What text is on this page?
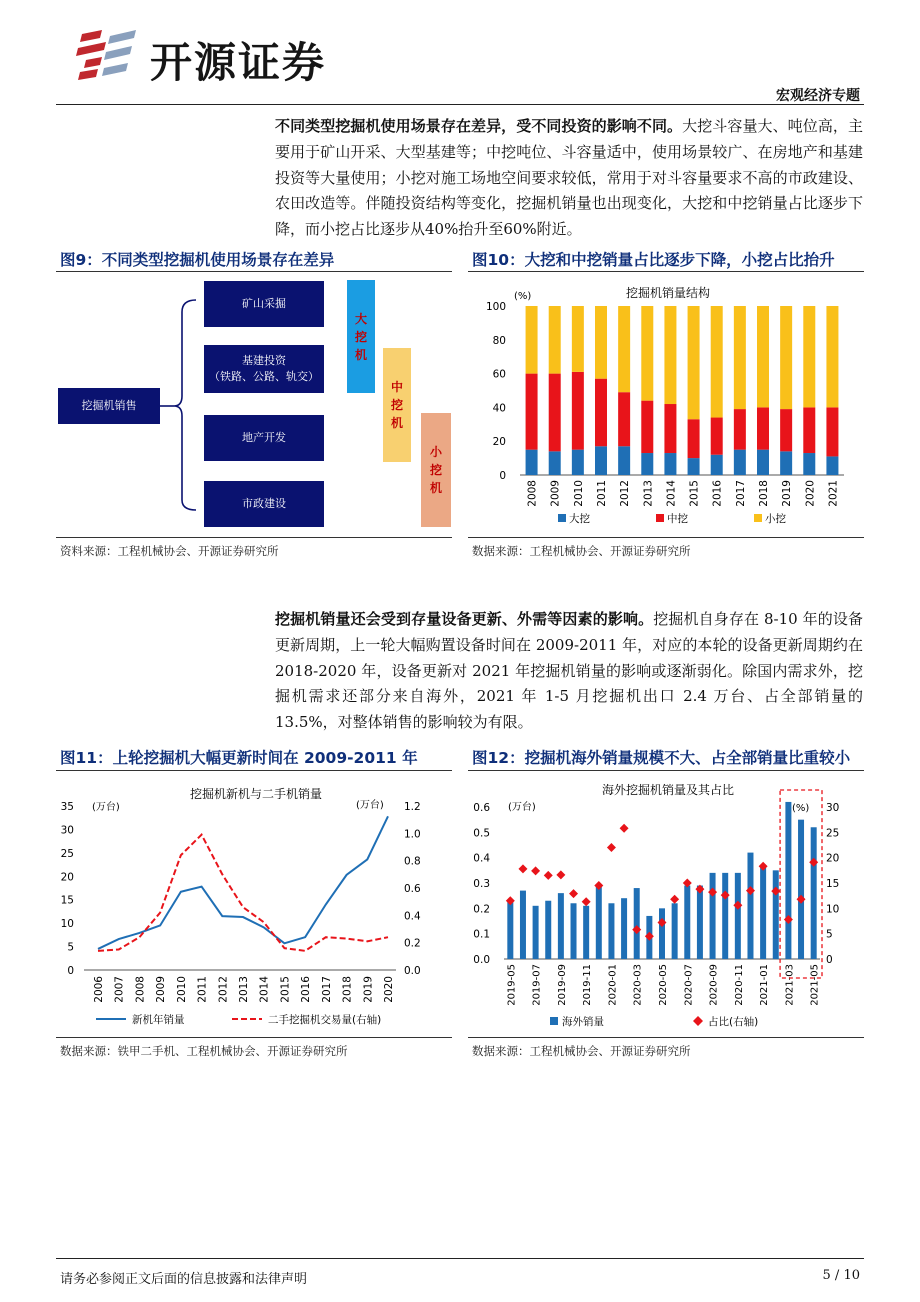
开源证券
宏观经济专题
不同类型挖掘机使用场景存在差异，受不同投资的影响不同。大挖斗容量大、吨位高，主要用于矿山开采、大型基建等；中挖吨位、斗容量适中，使用场景较广、在房地产和基建投资等大量使用；小挖对施工场地空间要求较低，常用于对斗容量要求不高的市政建设、农田改造等。伴随投资结构等变化，挖掘机销量也出现变化，大挖和中挖销量占比逐步下降，而小挖占比逐步从40%抬升至60%附近。
图9：不同类型挖掘机使用场景存在差异
挖掘机销售
矿山采掘
基建投资
（铁路、公路、轨交）
地产开发
市政建设
大挖机
中挖机
小挖机
资料来源：工程机械协会、开源证券研究所
图10：大挖和中挖销量占比逐步下降，小挖占比抬升
挖掘机销量结构
(%)
0
20
40
60
80
100
2008 2009 2010 2011 2012 2013 2014 2015 2016 2017 2018 2019 2020 2021
大挖	中挖	小挖
数据来源：工程机械协会、开源证券研究所
挖掘机销量还会受到存量设备更新、外需等因素的影响。挖掘机自身存在 8-10 年的设备更新周期，上一轮大幅购置设备时间在 2009-2011 年，对应的本轮的设备更新周期约在 2018-2020 年，设备更新对 2021 年挖掘机销量的影响或逐渐弱化。除国内需求外，挖掘机需求还部分来自海外，2021 年 1-5 月挖掘机出口 2.4 万台、占全部销量的 13.5%，对整体销售的影响较为有限。
图11：上轮挖掘机大幅更新时间在 2009-2011 年
挖掘机新机与二手机销量
(万台)	(万台)
0
5
10
15
20
25
30
35
0.0
0.2
0.4
0.6
0.8
1.0
1.2
2006 2007 2008 2009 2010 2011 2012 2013 2014 2015 2016 2017 2018 2019 2020
新机年销量	二手挖掘机交易量(右轴)
数据来源：铁甲二手机、工程机械协会、开源证券研究所
图12：挖掘机海外销量规模不大、占全部销量比重较小
海外挖掘机销量及其占比
(万台)	(%)
0.0
0.1
0.2
0.3
0.4
0.5
0.6
0
5
10
15
20
25
30
2019-05 2019-07 2019-09 2019-11 2020-01 2020-03 2020-05 2020-07 2020-09 2020-11 2021-01 2021-03 2021-05
海外销量	占比(右轴)
数据来源：工程机械协会、开源证券研究所
请务必参阅正文后面的信息披露和法律声明	5 / 10
